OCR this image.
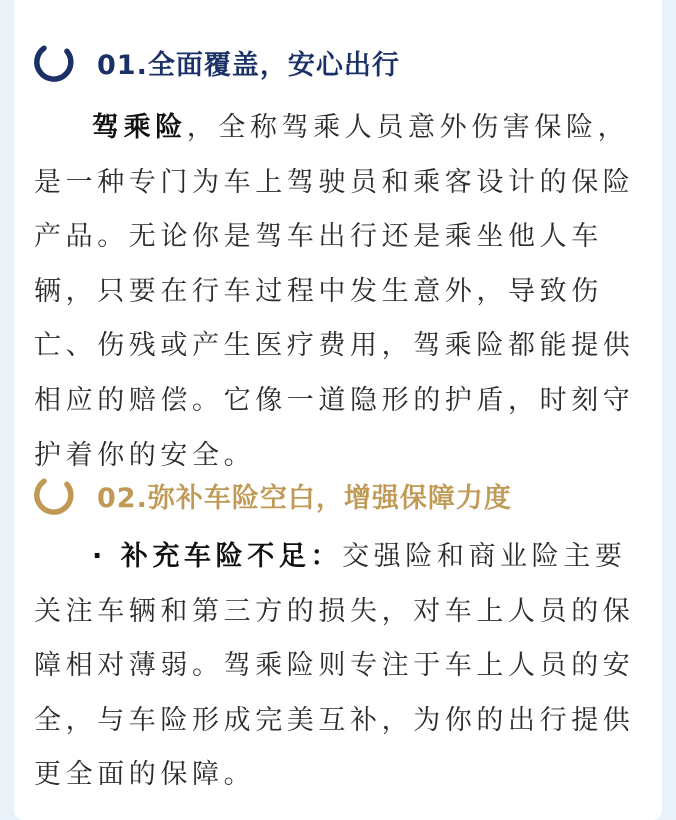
01.全面覆盖，安心出行

驾乘险，全称驾乘人员意外伤害保险，是一种专门为车上驾驶员和乘客设计的保险产品。无论你是驾车出行还是乘坐他人车辆，只要在行车过程中发生意外，导致伤亡、伤残或产生医疗费用，驾乘险都能提供相应的赔偿。它像一道隐形的护盾，时刻守护着你的安全。

02.弥补车险空白，增强保障力度

· 补充车险不足：交强险和商业险主要关注车辆和第三方的损失，对车上人员的保障相对薄弱。驾乘险则专注于车上人员的安全，与车险形成完美互补，为你的出行提供更全面的保障。
